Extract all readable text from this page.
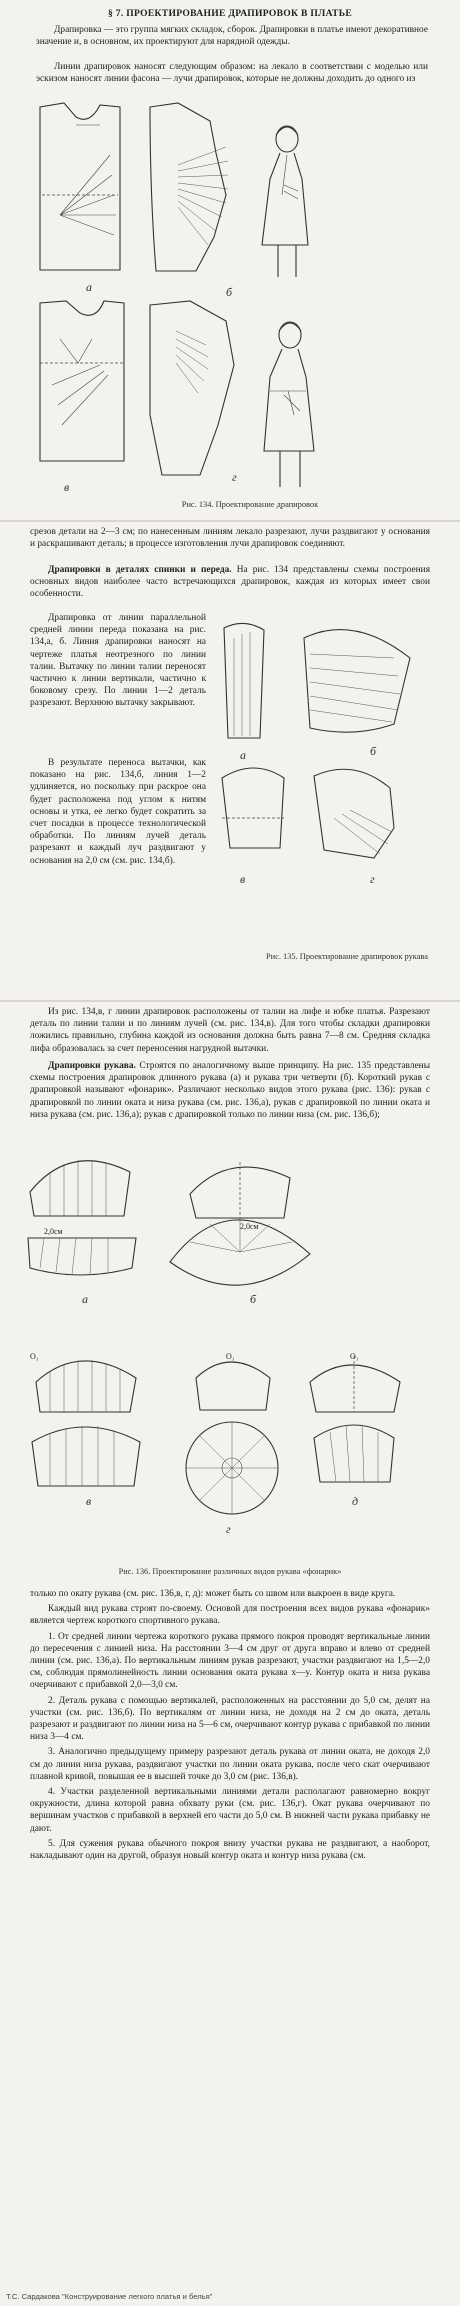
§ 7. ПРОЕКТИРОВАНИЕ ДРАПИРОВОК В ПЛАТЬЕ

Драпировка — это группа мягких складок, сборок. Драпировки в платье имеют декоративное значение и, в основном, их проектируют для нарядной одежды.

Линии драпировок наносят следующим образом: на лекало в соответствии с моделью или эскизом наносят линии фасона — лучи драпировок, которые не должны доходить до одного из

а	б
в
г
Рис. 134. Проектирование драпировок

срезов детали на 2—3 см; по нанесенным линиям лекало разрезают, лучи раздвигают у основания и раскрашивают деталь; в процессе изготовления лучи драпировок соединяют.

Драпировки в деталях спинки и переда. На рис. 134 представлены схемы построения основных видов наиболее часто встречающихся драпировок, каждая из которых имеет свои особенности.

Драпировка от линии параллельной средней линии переда показана на рис. 134,а, б. Линия драпировки наносят на чертеже платья неотрезного по линии талии. Вытачку по линии талии переносят частично к линии вертикали, частично к боковому срезу. По линии 1—2 деталь разрезают. Верхнюю вытачку закрывают.

В результате переноса вытачки, как показано на рис. 134,б, линия 1—2 удлиняется, но поскольку при раскрое она будет расположена под углом к нитям основы и утка, ее легко будет сократить за счет посадки в процессе технологической обработки. По линиям лучей деталь разрезают и каждый луч раздвигают у основания на 2,0 см (см. рис. 134,б).

а	б
в	г
Рис. 135. Проектирование драпировок рукава

Из рис. 134,в, г линии драпировок расположены от талии на лифе и юбке платья. Разрезают деталь по линии талии и по линиям лучей (см. рис. 134,в). Для того чтобы складки драпировки ложились правильно, глубина каждой из основания должна быть равна 7—8 см. Средняя складка лифа образовалась за счет переносения нагрудной вытачки.

Драпировки рукава. Строятся по аналогичному выше принципу. На рис. 135 представлены схемы построения драпировок длинного рукава (а) и рукава три четверти (б). Короткий рукав с драпировкой называют «фонарик». Различают несколько видов этого рукава (рис. 136): рукав с драпировкой по линии оката и низа рукава (см. рис. 136,а), рукав с драпировкой по линии оката и низа рукава (см. рис. 136,а); рукав с драпировкой только по линии низа (см. рис. 136,б);

а	б
в
г
д
2,0см
2,0см
O₁	O₁	O₁
Рис. 136. Проектирование различных видов рукава «фонарик»

только по окату рукава (см. рис. 136,в, г, д): может быть со швом или выкроен в виде круга.

Каждый вид рукава строят по-своему. Основой для построения всех видов рукава «фонарик» является чертеж короткого спортивного рукава.

1. От средней линии чертежа короткого рукава прямого покроя проводят вертикальные линии до пересечения с линией низа. На расстоянии 3—4 см друг от друга вправо и влево от средней линии (см. рис. 136,а). По вертикальным линиям рукав разрезают, участки раздвигают на 1,5—2,0 см, соблюдая прямолинейность линии основания оката рукава x—y. Контур оката и низа рукава очерчивают с прибавкой 2,0—3,0 см.

2. Деталь рукава с помощью вертикалей, расположенных на расстоянии до 5,0 см, делят на участки (см. рис. 136,б). По вертикалям от линии низа, не доходя на 2 см до оката, деталь разрезают и раздвигают по линии низа на 5—6 см, очерчивают контур рукава с прибавкой по линии низа 3—4 см.

3. Аналогично предыдущему примеру разрезают деталь рукава от линии оката, не доходя 2,0 см до линии низа рукава, раздвигают участки по линии оката рукава, после чего скат очерчивают плавной кривой, повышая ее в высшей точке до 3,0 см (рис. 136,в).

4. Участки разделенной вертикальными линиями детали располагают равномерно вокруг окружности, длина которой равна обхвату руки (см. рис. 136,г). Окат рукава очерчивают по вершинам участков с прибавкой в верхней его части до 5,0 см. В нижней части рукава прибавку не дают.

5. Для сужения рукава обычного покроя внизу участки рукава не раздвигают, а наоборот, накладывают один на другой, образуя новый контур оката и контур низа рукава (см.

Т.С. Сардакова "Конструирование легкого платья и белья"
